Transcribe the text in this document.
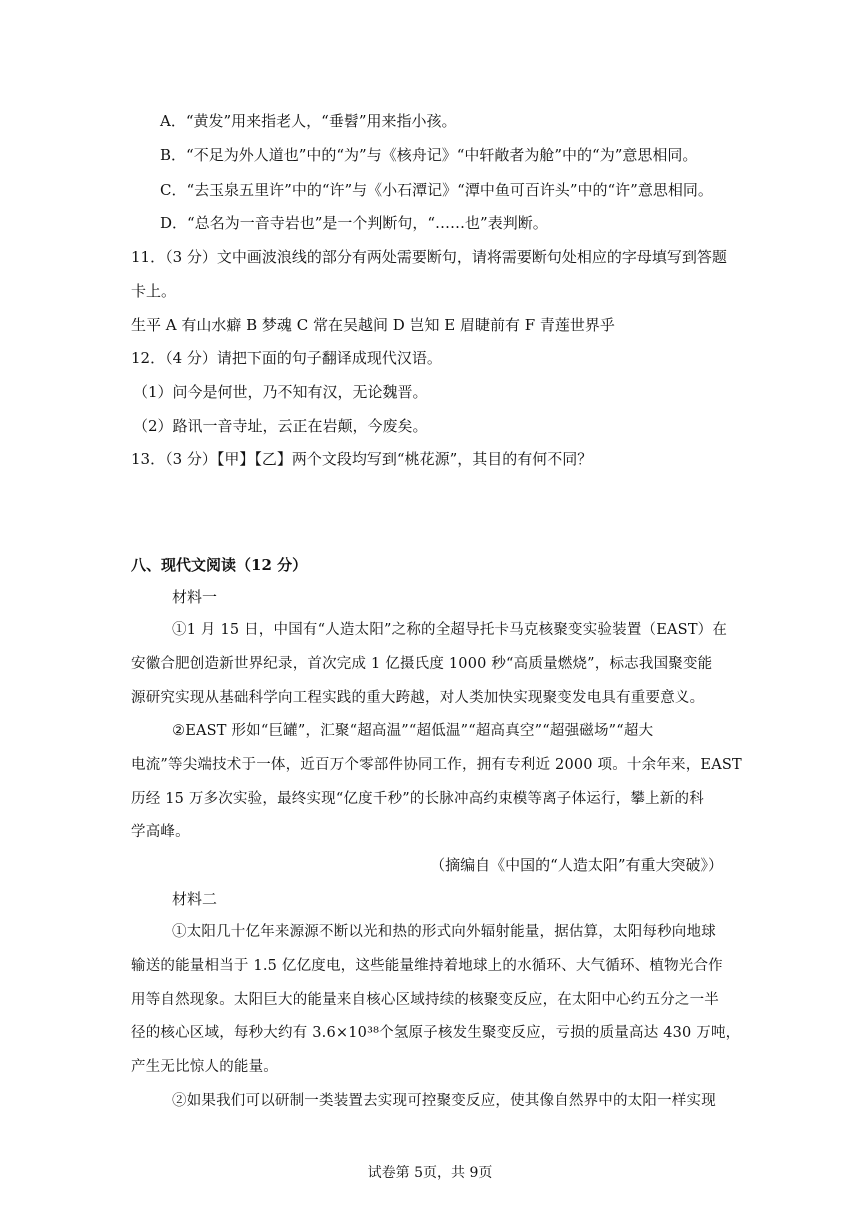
A．“黄发”用来指老人，“垂髫”用来指小孩。
B．“不足为外人道也”中的“为”与《核舟记》“中轩敞者为舱”中的“为”意思相同。
C．“去玉泉五里许”中的“许”与《小石潭记》“潭中鱼可百许头”中的“许”意思相同。
D．“总名为一音寺岩也”是一个判断句，“……也”表判断。
11．（3 分）文中画波浪线的部分有两处需要断句，请将需要断句处相应的字母填写到答题
卡上。
生平 A 有山水癖 B 梦魂 C 常在吴越间 D 岂知 E 眉睫前有 F 青莲世界乎
12．（4 分）请把下面的句子翻译成现代汉语。
（1）问今是何世，乃不知有汉，无论魏晋。
（2）路讯一音寺址，云正在岩颠，今废矣。
13．（3 分）【甲】【乙】两个文段均写到“桃花源”，其目的有何不同？
八、现代文阅读（12 分）
材料一
①1 月 15 日，中国有“人造太阳”之称的全超导托卡马克核聚变实验装置（EAST）在
安徽合肥创造新世界纪录，首次完成 1 亿摄氏度 1000 秒“高质量燃烧”，标志我国聚变能
源研究实现从基础科学向工程实践的重大跨越，对人类加快实现聚变发电具有重要意义。
②EAST 形如“巨罐”，汇聚“超高温”“超低温”“超高真空”“超强磁场”“超大
电流”等尖端技术于一体，近百万个零部件协同工作，拥有专利近 2000 项。十余年来，EAST
历经 15 万多次实验，最终实现“亿度千秒”的长脉冲高约束模等离子体运行，攀上新的科
学高峰。
（摘编自《中国的“人造太阳”有重大突破》）
材料二
①太阳几十亿年来源源不断以光和热的形式向外辐射能量，据估算，太阳每秒向地球
输送的能量相当于 1.5 亿亿度电，这些能量维持着地球上的水循环、大气循环、植物光合作
用等自然现象。太阳巨大的能量来自核心区域持续的核聚变反应，在太阳中心约五分之一半
径的核心区域，每秒大约有 3.6×10³⁸个氢原子核发生聚变反应，亏损的质量高达 430 万吨，
产生无比惊人的能量。
②如果我们可以研制一类装置去实现可控聚变反应，使其像自然界中的太阳一样实现
试卷第 5页，共 9页
